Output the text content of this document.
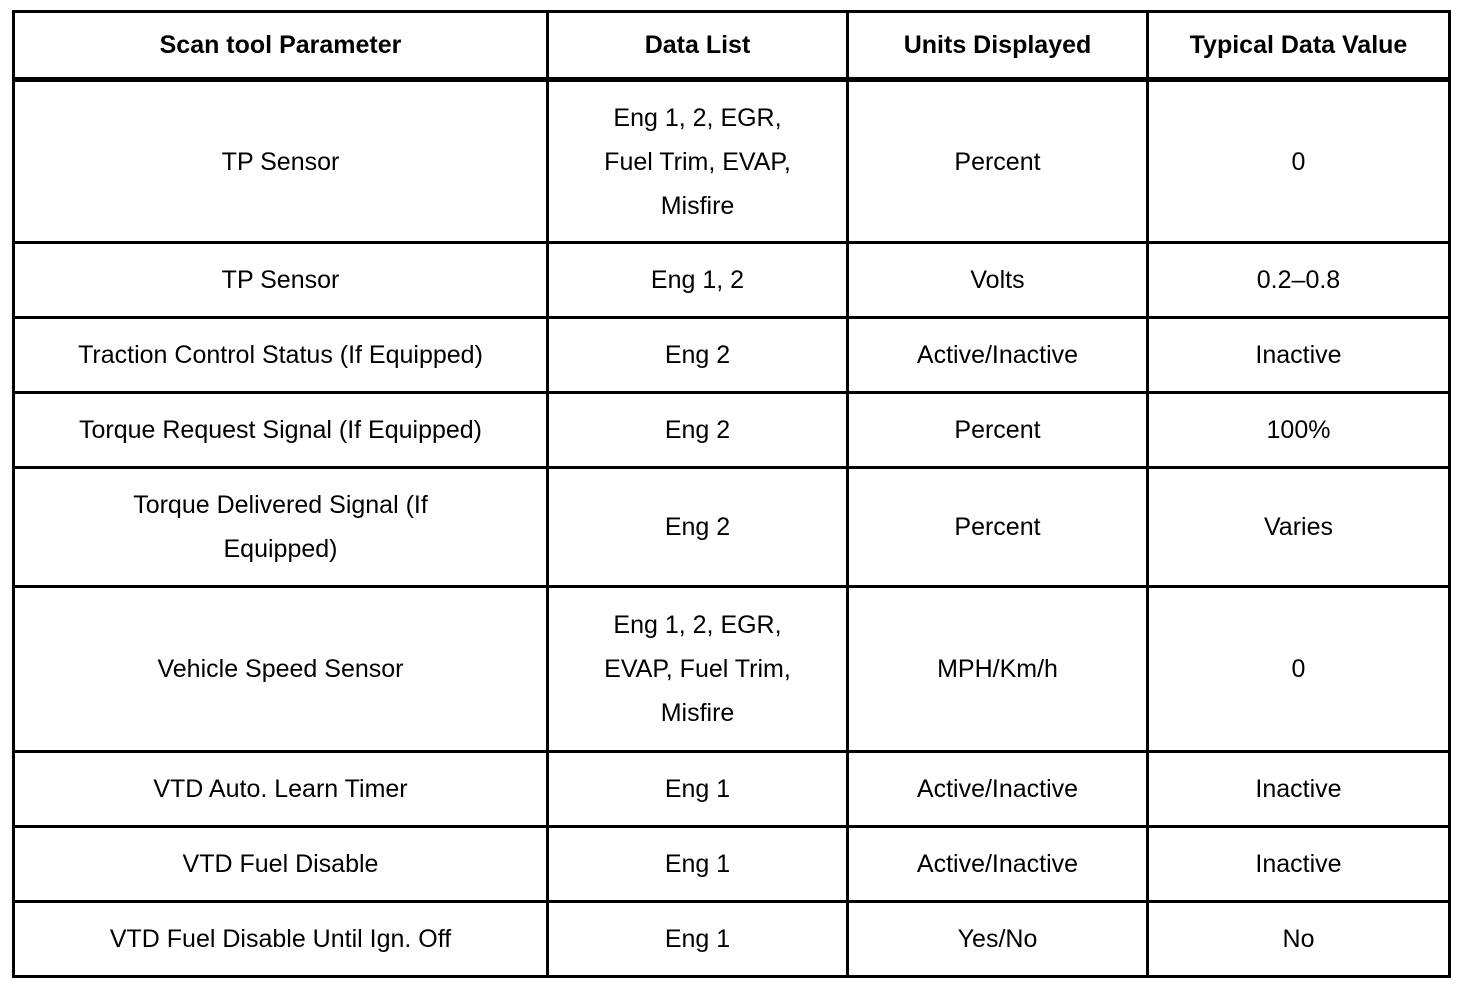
Scan tool Parameter	Data List	Units Displayed	Typical Data Value

TP Sensor	Eng 1, 2, EGR,
Fuel Trim, EVAP,
Misfire	Percent	0

TP Sensor	Eng 1, 2	Volts	0.2–0.8

Traction Control Status (If Equipped)	Eng 2	Active/Inactive	Inactive

Torque Request Signal (If Equipped)	Eng 2	Percent	100%

Torque Delivered Signal (If
Equipped)	Eng 2	Percent	Varies

Vehicle Speed Sensor	Eng 1, 2, EGR,
EVAP, Fuel Trim,
Misfire	MPH/Km/h	0

VTD Auto. Learn Timer	Eng 1	Active/Inactive	Inactive

VTD Fuel Disable	Eng 1	Active/Inactive	Inactive

VTD Fuel Disable Until Ign. Off	Eng 1	Yes/No	No
